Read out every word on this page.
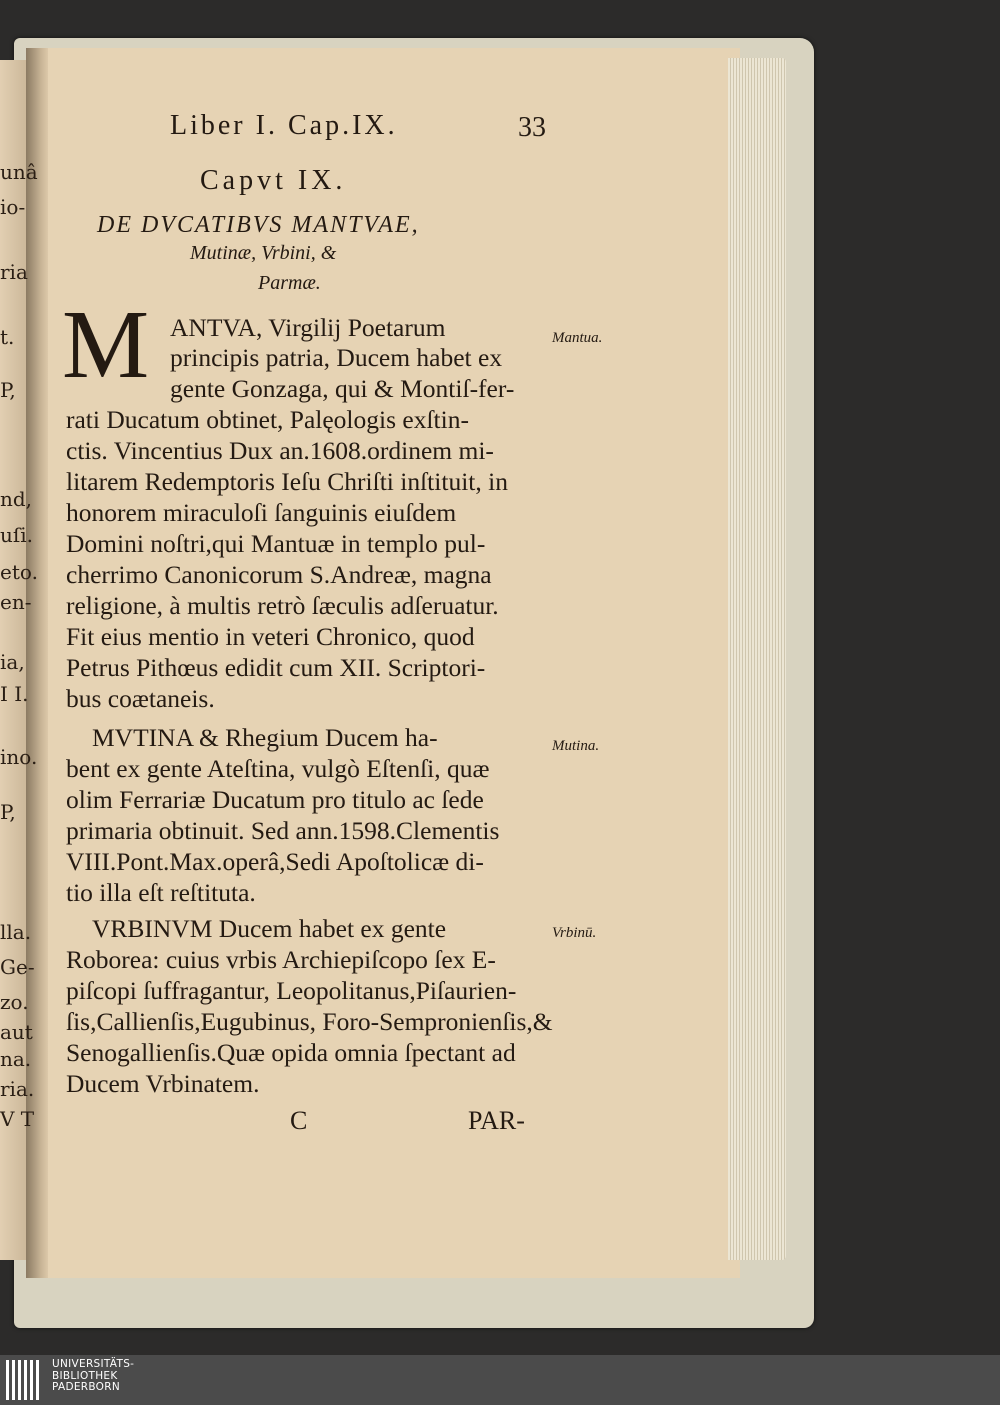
unâ
io-
ria
t.
P,
nd,
uſi.
eto.
en-
ia,
I I.
ino.
P,
lla.
Ge-
zo.
aut
na.
ria.
V T
Liber I. Cap.IX.	33
Capvt IX.
DE DVCATIBVS MANTVAE,
Mutinæ, Vrbini, &
Parmæ.
M ANTVA, Virgilij Poetarum
principis patria, Ducem habet ex
gente Gonzaga, qui & Montiſ-fer-
rati Ducatum obtinet, Palęologis exſtin-
ctis. Vincentius Dux an.1608.ordinem mi-
litarem Redemptoris Ieſu Chriſti inſtituit, in
honorem miraculoſi ſanguinis eiuſdem
Domini noſtri,qui Mantuæ in templo pul-
cherrimo Canonicorum S.Andreæ, magna
religione, à multis retrò ſæculis adſeruatur.
Fit eius mentio in veteri Chronico, quod
Petrus Pithœus edidit cum XII. Scriptori-
bus coætaneis.
MVTINA & Rhegium Ducem ha-
bent ex gente Ateſtina, vulgò Eſtenſi, quæ
olim Ferrariæ Ducatum pro titulo ac ſede
primaria obtinuit. Sed ann.1598.Clementis
VIII.Pont.Max.operâ,Sedi Apoſtolicæ di-
tio illa eſt reſtituta.
VRBINVM Ducem habet ex gente
Roborea: cuius vrbis Archiepiſcopo ſex E-
piſcopi ſuffragantur, Leopolitanus,Piſaurien-
ſis,Callienſis,Eugubinus, Foro-Sempronienſis,&
Senogallienſis.Quæ opida omnia ſpectant ad
Ducem Vrbinatem.
Mantua.
Mutina.
Vrbinū.
C	PAR-
UNIVERSITÄTS-
BIBLIOTHEK
PADERBORN
